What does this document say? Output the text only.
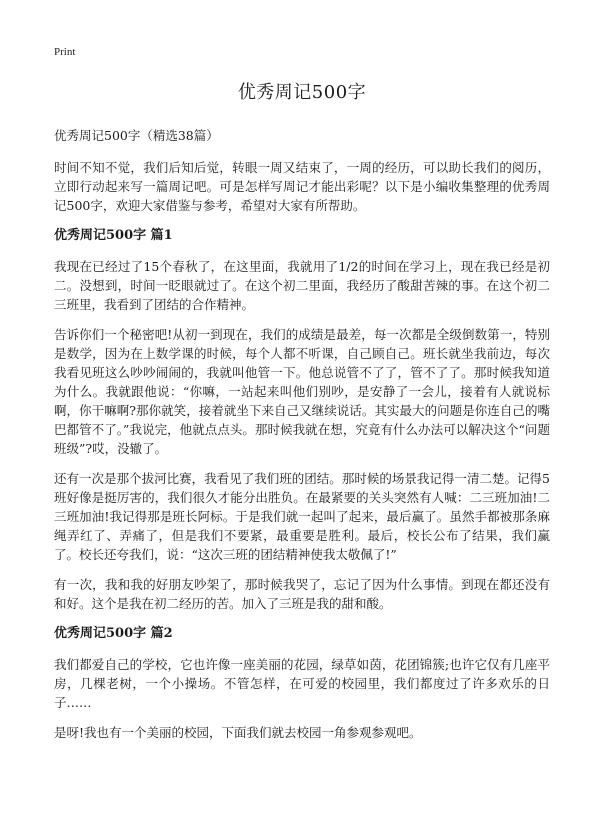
Print
优秀周记500字
优秀周记500字（精选38篇）

时间不知不觉，我们后知后觉，转眼一周又结束了，一周的经历，可以助长我们的阅历，立即行动起来写一篇周记吧。可是怎样写周记才能出彩呢？以下是小编收集整理的优秀周记500字，欢迎大家借鉴与参考，希望对大家有所帮助。

优秀周记500字 篇1

我现在已经过了15个春秋了，在这里面，我就用了1/2的时间在学习上，现在我已经是初二。没想到，时间一眨眼就过了。在这个初二里面，我经历了酸甜苦辣的事。在这个初二三班里，我看到了团结的合作精神。

告诉你们一个秘密吧!从初一到现在，我们的成绩是最差，每一次都是全级倒数第一，特别是数学，因为在上数学课的时候，每个人都不听课，自己顾自己。班长就坐我前边，每次我看见班这么吵吵闹闹的，我就叫他管一下。他总说管不了了，管不了了。那时候我知道为什么。我就跟他说：“你嘛，一站起来叫他们别吵，是安静了一会儿，接着有人就说标啊，你干嘛啊?那你就笑，接着就坐下来自己又继续说话。其实最大的问题是你连自己的嘴巴都管不了。”我说完，他就点点头。那时候我就在想，究竟有什么办法可以解决这个“问题班级”?哎，没辙了。

还有一次是那个拔河比赛，我看见了我们班的团结。那时候的场景我记得一清二楚。记得5班好像是挺厉害的，我们很久才能分出胜负。在最紧要的关头突然有人喊：二三班加油!二三班加油!我记得那是班长阿标。于是我们就一起叫了起来，最后赢了。虽然手都被那条麻绳弄红了、弄痛了，但是我们不要紧，最重要是胜利。最后，校长公布了结果，我们赢了。校长还夸我们，说：“这次三班的团结精神使我太敬佩了!”

有一次，我和我的好朋友吵架了，那时候我哭了，忘记了因为什么事情。到现在都还没有和好。这个是我在初二经历的苦。加入了三班是我的甜和酸。

优秀周记500字 篇2

我们都爱自己的学校，它也许像一座美丽的花园，绿草如茵，花团锦簇;也许它仅有几座平房，几棵老树，一个小操场。不管怎样，在可爱的校园里，我们都度过了许多欢乐的日子……

是呀!我也有一个美丽的校园，下面我们就去校园一角参观参观吧。
